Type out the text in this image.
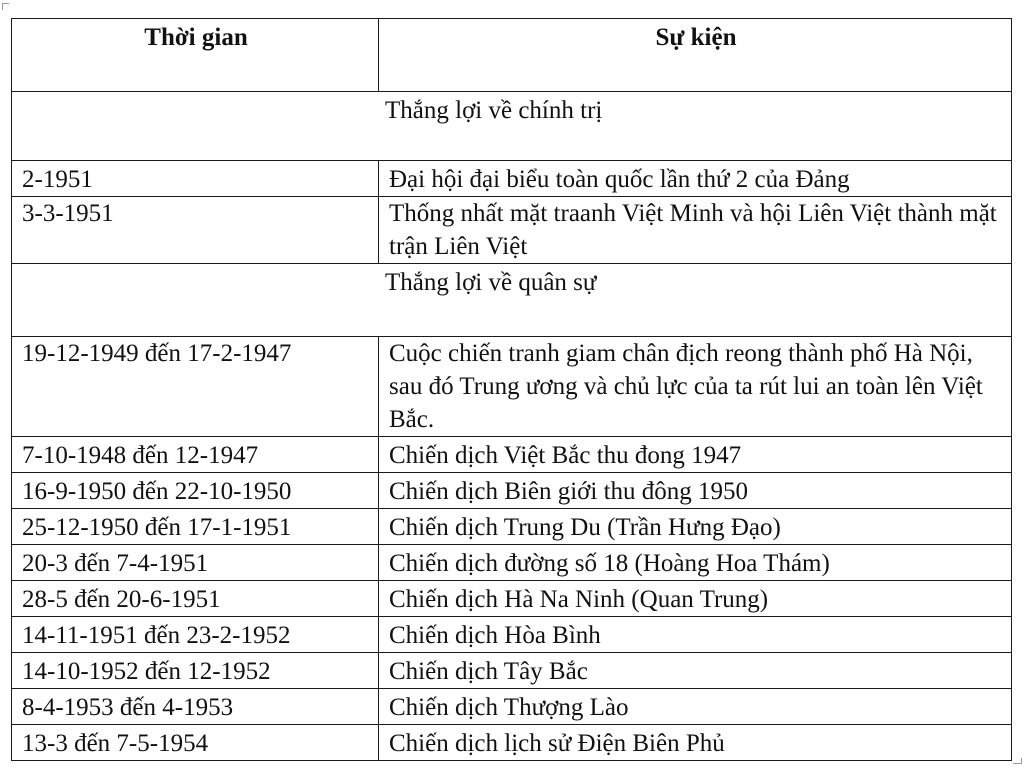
Thời gian	Sự kiện

Thắng lợi về chính trị	

2-1951	Đại hội đại biểu toàn quốc lần thứ 2 của Đảng
3-3-1951	Thống nhất mặt traanh Việt Minh và hội Liên Việt thành mặt trận Liên Việt

Thắng lợi về quân sự	

19-12-1949 đến 17-2-1947	Cuộc chiến tranh giam chân địch reong thành phố Hà Nội, sau đó Trung ương và chủ lực của ta rút lui an toàn lên Việt Bắc.
7-10-1948 đến 12-1947	Chiến dịch Việt Bắc thu đong 1947
16-9-1950 đến 22-10-1950	Chiến dịch Biên giới thu đông 1950
25-12-1950 đến 17-1-1951	Chiến dịch Trung Du (Trần Hưng Đạo)
20-3 đến 7-4-1951	Chiến dịch đường số 18 (Hoàng Hoa Thám)
28-5 đến 20-6-1951	Chiến dịch Hà Na Ninh (Quan Trung)
14-11-1951 đến 23-2-1952	Chiến dịch Hòa Bình
14-10-1952 đến 12-1952	Chiến dịch Tây Bắc
8-4-1953 đến 4-1953	Chiến dịch Thượng Lào
13-3 đến 7-5-1954	Chiến dịch lịch sử Điện Biên Phủ
